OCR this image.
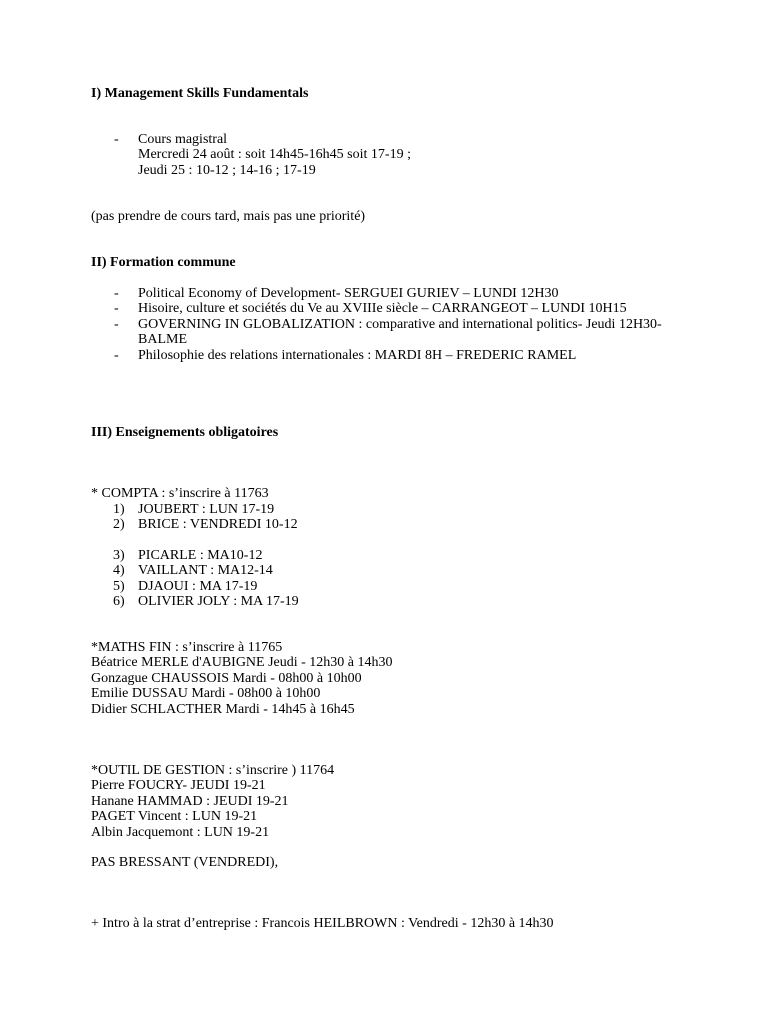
I) Management Skills Fundamentals
- Cours magistral
Mercredi 24 août : soit 14h45-16h45 soit 17-19 ;
Jeudi 25 : 10-12 ; 14-16 ; 17-19
(pas prendre de cours tard, mais pas une priorité)
II) Formation commune
- Political Economy of Development- SERGUEI GURIEV – LUNDI 12H30
- Hisoire, culture et sociétés du Ve au XVIIIe siècle – CARRANGEOT – LUNDI 10H15
- GOVERNING IN GLOBALIZATION : comparative and international politics- Jeudi 12H30-
BALME
- Philosophie des relations internationales : MARDI 8H – FREDERIC RAMEL
III) Enseignements obligatoires
* COMPTA : s’inscrire à 11763
1) JOUBERT : LUN 17-19
2) BRICE : VENDREDI 10-12
3) PICARLE : MA10-12
4) VAILLANT : MA12-14
5) DJAOUI : MA 17-19
6) OLIVIER JOLY : MA 17-19
*MATHS FIN : s’inscrire à 11765
Béatrice MERLE d'AUBIGNE Jeudi - 12h30 à 14h30
Gonzague CHAUSSOIS Mardi - 08h00 à 10h00
Emilie DUSSAU Mardi - 08h00 à 10h00
Didier SCHLACTHER Mardi - 14h45 à 16h45
*OUTIL DE GESTION : s’inscrire ) 11764
Pierre FOUCRY- JEUDI 19-21
Hanane HAMMAD : JEUDI 19-21
PAGET Vincent : LUN 19-21
Albin Jacquemont : LUN 19-21
PAS BRESSANT (VENDREDI),
+ Intro à la strat d’entreprise : Francois HEILBROWN : Vendredi - 12h30 à 14h30
